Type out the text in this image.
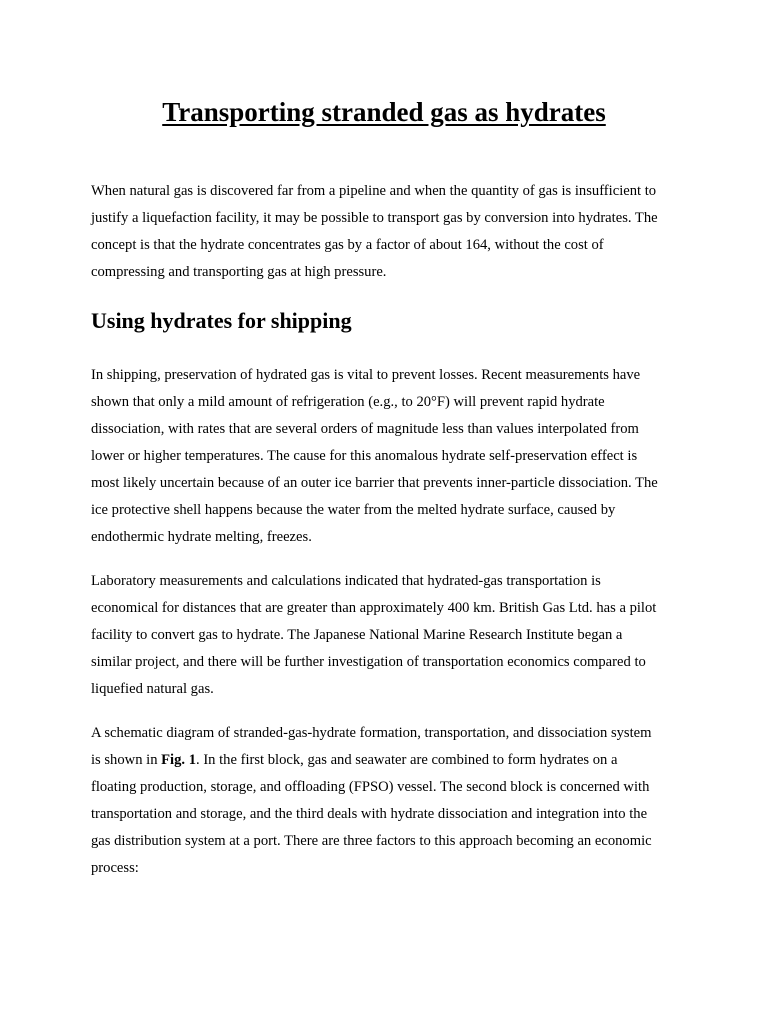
Transporting stranded gas as hydrates

When natural gas is discovered far from a pipeline and when the quantity of gas is insufficient to
justify a liquefaction facility, it may be possible to transport gas by conversion into hydrates. The
concept is that the hydrate concentrates gas by a factor of about 164, without the cost of
compressing and transporting gas at high pressure.

Using hydrates for shipping

In shipping, preservation of hydrated gas is vital to prevent losses. Recent measurements have
shown that only a mild amount of refrigeration (e.g., to 20°F) will prevent rapid hydrate
dissociation, with rates that are several orders of magnitude less than values interpolated from
lower or higher temperatures. The cause for this anomalous hydrate self-preservation effect is
most likely uncertain because of an outer ice barrier that prevents inner-particle dissociation. The
ice protective shell happens because the water from the melted hydrate surface, caused by
endothermic hydrate melting, freezes.

Laboratory measurements and calculations indicated that hydrated-gas transportation is
economical for distances that are greater than approximately 400 km. British Gas Ltd. has a pilot
facility to convert gas to hydrate. The Japanese National Marine Research Institute began a
similar project, and there will be further investigation of transportation economics compared to
liquefied natural gas.

A schematic diagram of stranded-gas-hydrate formation, transportation, and dissociation system
is shown in Fig. 1. In the first block, gas and seawater are combined to form hydrates on a
floating production, storage, and offloading (FPSO) vessel. The second block is concerned with
transportation and storage, and the third deals with hydrate dissociation and integration into the
gas distribution system at a port. There are three factors to this approach becoming an economic
process:
